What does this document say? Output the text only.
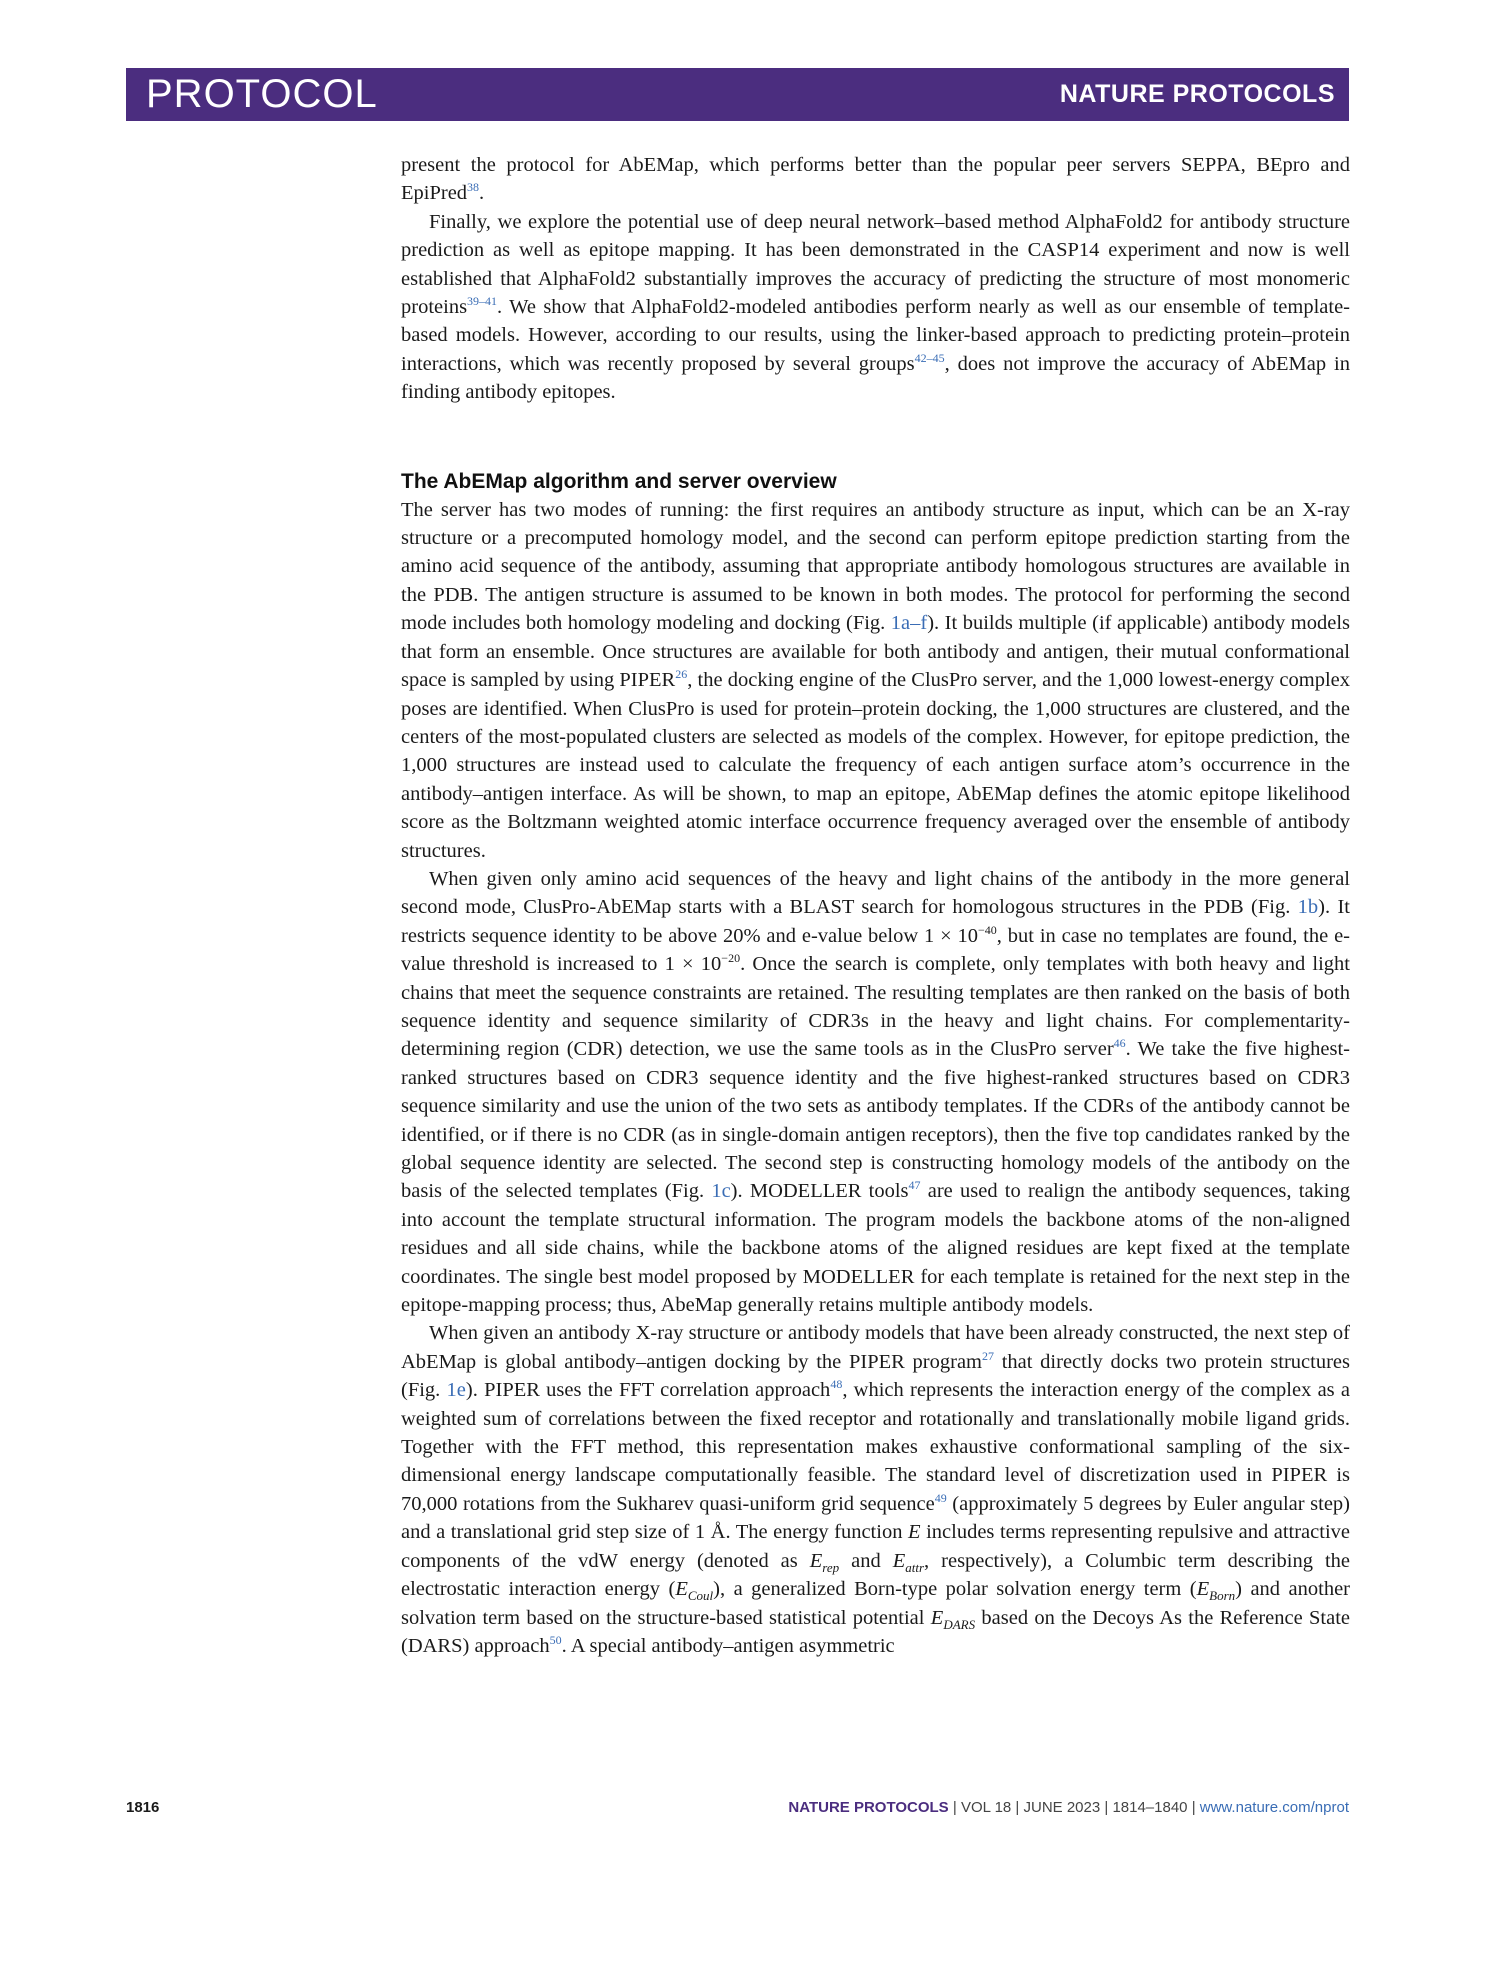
PROTOCOL	NATURE PROTOCOLS

present the protocol for AbEMap, which performs better than the popular peer servers SEPPA, BEpro and EpiPred$^{38}$.

Finally, we explore the potential use of deep neural network–based method AlphaFold2 for antibody structure prediction as well as epitope mapping. It has been demonstrated in the CASP14 experiment and now is well established that AlphaFold2 substantially improves the accuracy of predicting the structure of most monomeric proteins$^{39-41}$. We show that AlphaFold2-modeled antibodies perform nearly as well as our ensemble of template-based models. However, according to our results, using the linker-based approach to predicting protein–protein interactions, which was recently proposed by several groups$^{42-45}$, does not improve the accuracy of AbEMap in finding antibody epitopes.

The AbEMap algorithm and server overview

The server has two modes of running: the first requires an antibody structure as input, which can be an X-ray structure or a precomputed homology model, and the second can perform epitope prediction starting from the amino acid sequence of the antibody, assuming that appropriate antibody homologous structures are available in the PDB. The antigen structure is assumed to be known in both modes. The protocol for performing the second mode includes both homology modeling and docking (Fig. 1a–f). It builds multiple (if applicable) antibody models that form an ensemble. Once structures are available for both antibody and antigen, their mutual conformational space is sampled by using PIPER$^{26}$, the docking engine of the ClusPro server, and the 1,000 lowest-energy complex poses are identified. When ClusPro is used for protein–protein docking, the 1,000 structures are clustered, and the centers of the most-populated clusters are selected as models of the complex. However, for epitope prediction, the 1,000 structures are instead used to calculate the frequency of each antigen surface atom’s occurrence in the antibody–antigen interface. As will be shown, to map an epitope, AbEMap defines the atomic epitope likelihood score as the Boltzmann weighted atomic interface occurrence frequency averaged over the ensemble of antibody structures.

When given only amino acid sequences of the heavy and light chains of the antibody in the more general second mode, ClusPro-AbEMap starts with a BLAST search for homologous structures in the PDB (Fig. 1b). It restricts sequence identity to be above 20% and e-value below $1 \times 10^{-40}$, but in case no templates are found, the e-value threshold is increased to $1 \times 10^{-20}$. Once the search is complete, only templates with both heavy and light chains that meet the sequence constraints are retained. The resulting templates are then ranked on the basis of both sequence identity and sequence similarity of CDR3s in the heavy and light chains. For complementarity-determining region (CDR) detection, we use the same tools as in the ClusPro server$^{46}$. We take the five highest-ranked structures based on CDR3 sequence identity and the five highest-ranked structures based on CDR3 sequence similarity and use the union of the two sets as antibody templates. If the CDRs of the antibody cannot be identified, or if there is no CDR (as in single-domain antigen receptors), then the five top candidates ranked by the global sequence identity are selected. The second step is constructing homology models of the antibody on the basis of the selected templates (Fig. 1c). MODELLER tools$^{47}$ are used to realign the antibody sequences, taking into account the template structural information. The program models the backbone atoms of the non-aligned residues and all side chains, while the backbone atoms of the aligned residues are kept fixed at the template coordinates. The single best model proposed by MODELLER for each template is retained for the next step in the epitope-mapping process; thus, AbeMap generally retains multiple antibody models.

When given an antibody X-ray structure or antibody models that have been already constructed, the next step of AbEMap is global antibody–antigen docking by the PIPER program$^{27}$ that directly docks two protein structures (Fig. 1e). PIPER uses the FFT correlation approach$^{48}$, which represents the interaction energy of the complex as a weighted sum of correlations between the fixed receptor and rotationally and translationally mobile ligand grids. Together with the FFT method, this representation makes exhaustive conformational sampling of the six-dimensional energy landscape computationally feasible. The standard level of discretization used in PIPER is 70,000 rotations from the Sukharev quasi-uniform grid sequence$^{49}$ (approximately 5 degrees by Euler angular step) and a translational grid step size of 1 Å. The energy function E includes terms representing repulsive and attractive components of the vdW energy (denoted as $E_{rep}$ and $E_{attr}$, respectively), a Columbic term describing the electrostatic interaction energy $(E_{Coul})$, a generalized Born-type polar solvation energy term $(E_{Born})$ and another solvation term based on the structure-based statistical potential $E_{DARS}$ based on the Decoys As the Reference State (DARS) approach$^{50}$. A special antibody–antigen asymmetric

1816	NATURE PROTOCOLS | VOL 18 | JUNE 2023 | 1814–1840 | www.nature.com/nprot
